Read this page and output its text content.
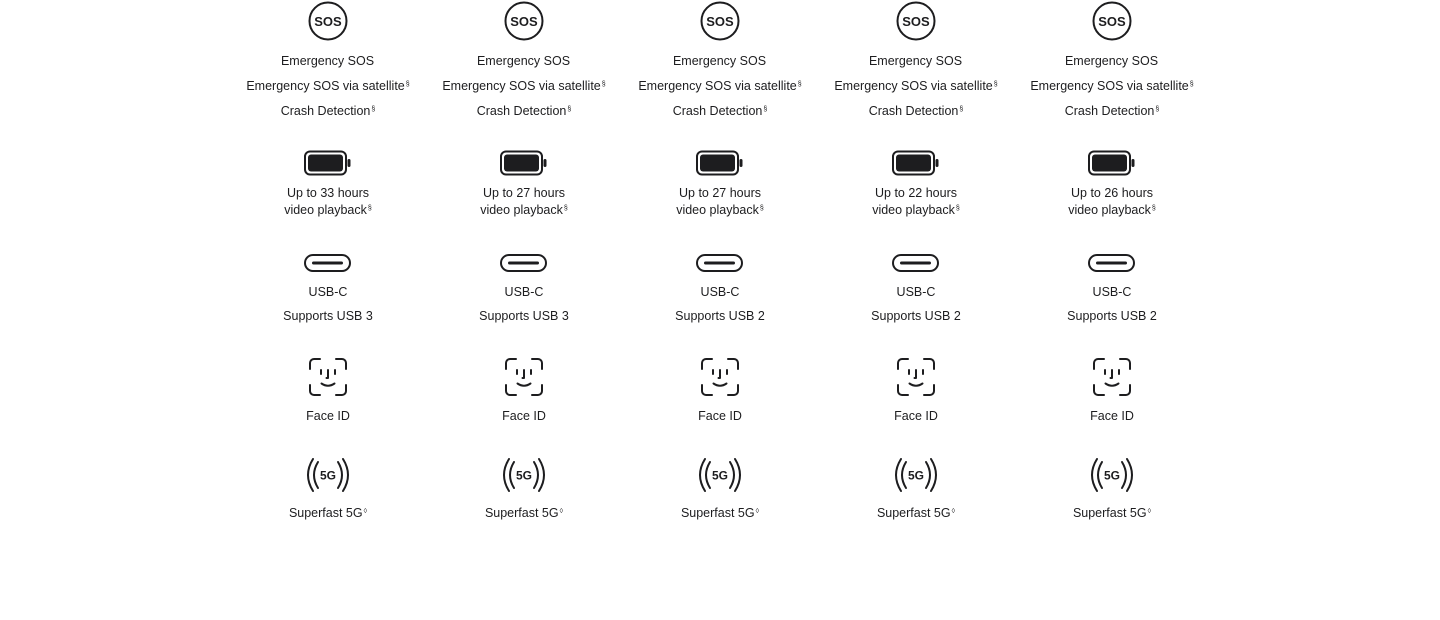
SOS
Emergency SOS
Emergency SOS via satellite§
Crash Detection§
Up to 33 hours
video playback§
USB-C
Supports USB 3
Face ID
5G
Superfast 5G◊
SOS
Emergency SOS
Emergency SOS via satellite§
Crash Detection§
Up to 27 hours
video playback§
USB-C
Supports USB 3
Face ID
5G
Superfast 5G◊
SOS
Emergency SOS
Emergency SOS via satellite§
Crash Detection§
Up to 27 hours
video playback§
USB-C
Supports USB 2
Face ID
5G
Superfast 5G◊
SOS
Emergency SOS
Emergency SOS via satellite§
Crash Detection§
Up to 22 hours
video playback§
USB-C
Supports USB 2
Face ID
5G
Superfast 5G◊
SOS
Emergency SOS
Emergency SOS via satellite§
Crash Detection§
Up to 26 hours
video playback§
USB-C
Supports USB 2
Face ID
5G
Superfast 5G◊
